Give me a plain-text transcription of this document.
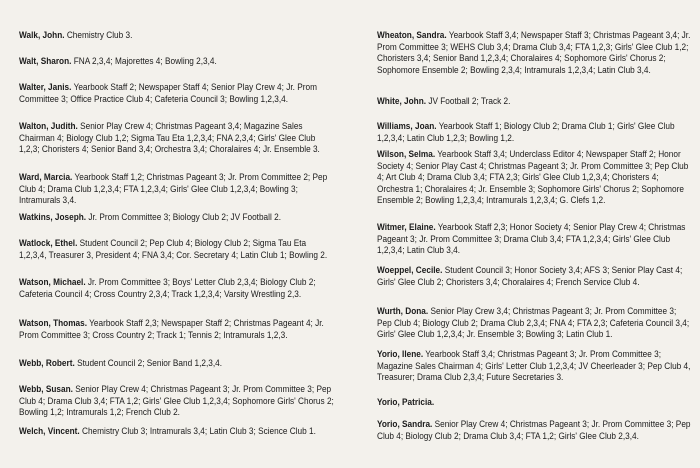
Walk, John. Chemistry Club 3.
Walt, Sharon. FNA 2,3,4; Majorettes 4; Bowling 2,3,4.
Walter, Janis. Yearbook Staff 2; Newspaper Staff 4; Senior Play Crew 4; Jr. Prom Committee 3; Office Practice Club 4; Cafeteria Council 3; Bowling 1,2,3,4.
Walton, Judith. Senior Play Crew 4; Christmas Pageant 3,4; Magazine Sales Chairman 4; Biology Club 1,2; Sigma Tau Eta 1,2,3,4; FNA 2,3,4; Girls' Glee Club 1,2,3; Choristers 4; Senior Band 3,4; Orchestra 3,4; Choralaires 4; Jr. Ensemble 3.
Ward, Marcia. Yearbook Staff 1,2; Christmas Pageant 3; Jr. Prom Committee 2; Pep Club 4; Drama Club 1,2,3,4; FTA 1,2,3,4; Girls' Glee Club 1,2,3,4; Bowling 3; Intramurals 3,4.
Watkins, Joseph. Jr. Prom Committee 3; Biology Club 2; JV Football 2.
Watlock, Ethel. Student Council 2; Pep Club 4; Biology Club 2; Sigma Tau Eta 1,2,3,4, Treasurer 3, President 4; FNA 3,4; Cor. Secretary 4; Latin Club 1; Bowling 2.
Watson, Michael. Jr. Prom Committee 3; Boys' Letter Club 2,3,4; Biology Club 2; Cafeteria Council 4; Cross Country 2,3,4; Track 1,2,3,4; Varsity Wrestling 2,3.
Watson, Thomas. Yearbook Staff 2,3; Newspaper Staff 2; Christmas Pageant 4; Jr. Prom Committee 3; Cross Country 2; Track 1; Tennis 2; Intramurals 1,2,3.
Webb, Robert. Student Council 2; Senior Band 1,2,3,4.
Webb, Susan. Senior Play Crew 4; Christmas Pageant 3; Jr. Prom Committee 3; Pep Club 4; Drama Club 3,4; FTA 1,2; Girls' Glee Club 1,2,3,4; Sophomore Girls' Chorus 2; Bowling 1,2; Intramurals 1,2; French Club 2.
Welch, Vincent. Chemistry Club 3; Intramurals 3,4; Latin Club 3; Science Club 1.
Wheaton, Sandra. Yearbook Staff 3,4; Newspaper Staff 3; Christmas Pageant 3,4; Jr. Prom Committee 3; WEHS Club 3,4; Drama Club 3,4; FTA 1,2,3; Girls' Glee Club 1,2; Choristers 3,4; Senior Band 1,2,3,4; Choralaires 4; Sophomore Girls' Chorus 2; Sophomore Ensemble 2; Bowling 2,3,4; Intramurals 1,2,3,4; Latin Club 3,4.
White, John. JV Football 2; Track 2.
Williams, Joan. Yearbook Staff 1; Biology Club 2; Drama Club 1; Girls' Glee Club 1,2,3,4; Latin Club 1,2,3; Bowling 1,2.
Wilson, Selma. Yearbook Staff 3,4; Underclass Editor 4; Newspaper Staff 2; Honor Society 4; Senior Play Cast 4; Christmas Pageant 3; Jr. Prom Committee 3; Pep Club 4; Art Club 4; Drama Club 3,4; FTA 2,3; Girls' Glee Club 1,2,3,4; Choristers 4; Orchestra 1; Choralaires 4; Jr. Ensemble 3; Sophomore Girls' Chorus 2; Sophomore Ensemble 2; Bowling 1,2,3,4; Intramurals 1,2,3,4; G. Clefs 1,2.
Witmer, Elaine. Yearbook Staff 2,3; Honor Society 4; Senior Play Crew 4; Christmas Pageant 3; Jr. Prom Committee 3; Drama Club 3,4; FTA 1,2,3,4; Girls' Glee Club 1,2,3,4; Latin Club 3,4.
Woeppel, Cecile. Student Council 3; Honor Society 3,4; AFS 3; Senior Play Cast 4; Girls' Glee Club 2; Choristers 3,4; Choralaires 4; French Service Club 4.
Wurth, Dona. Senior Play Crew 3,4; Christmas Pageant 3; Jr. Prom Committee 3; Pep Club 4; Biology Club 2; Drama Club 2,3,4; FNA 4; FTA 2,3; Cafeteria Council 3,4; Girls' Glee Club 1,2,3,4; Jr. Ensemble 3; Bowling 3; Latin Club 1.
Yorio, Ilene. Yearbook Staff 3,4; Christmas Pageant 3; Jr. Prom Committee 3; Magazine Sales Chairman 4; Girls' Letter Club 1,2,3,4; JV Cheerleader 3; Pep Club 4, Treasurer; Drama Club 2,3,4; Future Secretaries 3.
Yorio, Patricia.
Yorio, Sandra. Senior Play Crew 4; Christmas Pageant 3; Jr. Prom Committee 3; Pep Club 4; Biology Club 2; Drama Club 3,4; FTA 1,2; Girls' Glee Club 2,3,4.
